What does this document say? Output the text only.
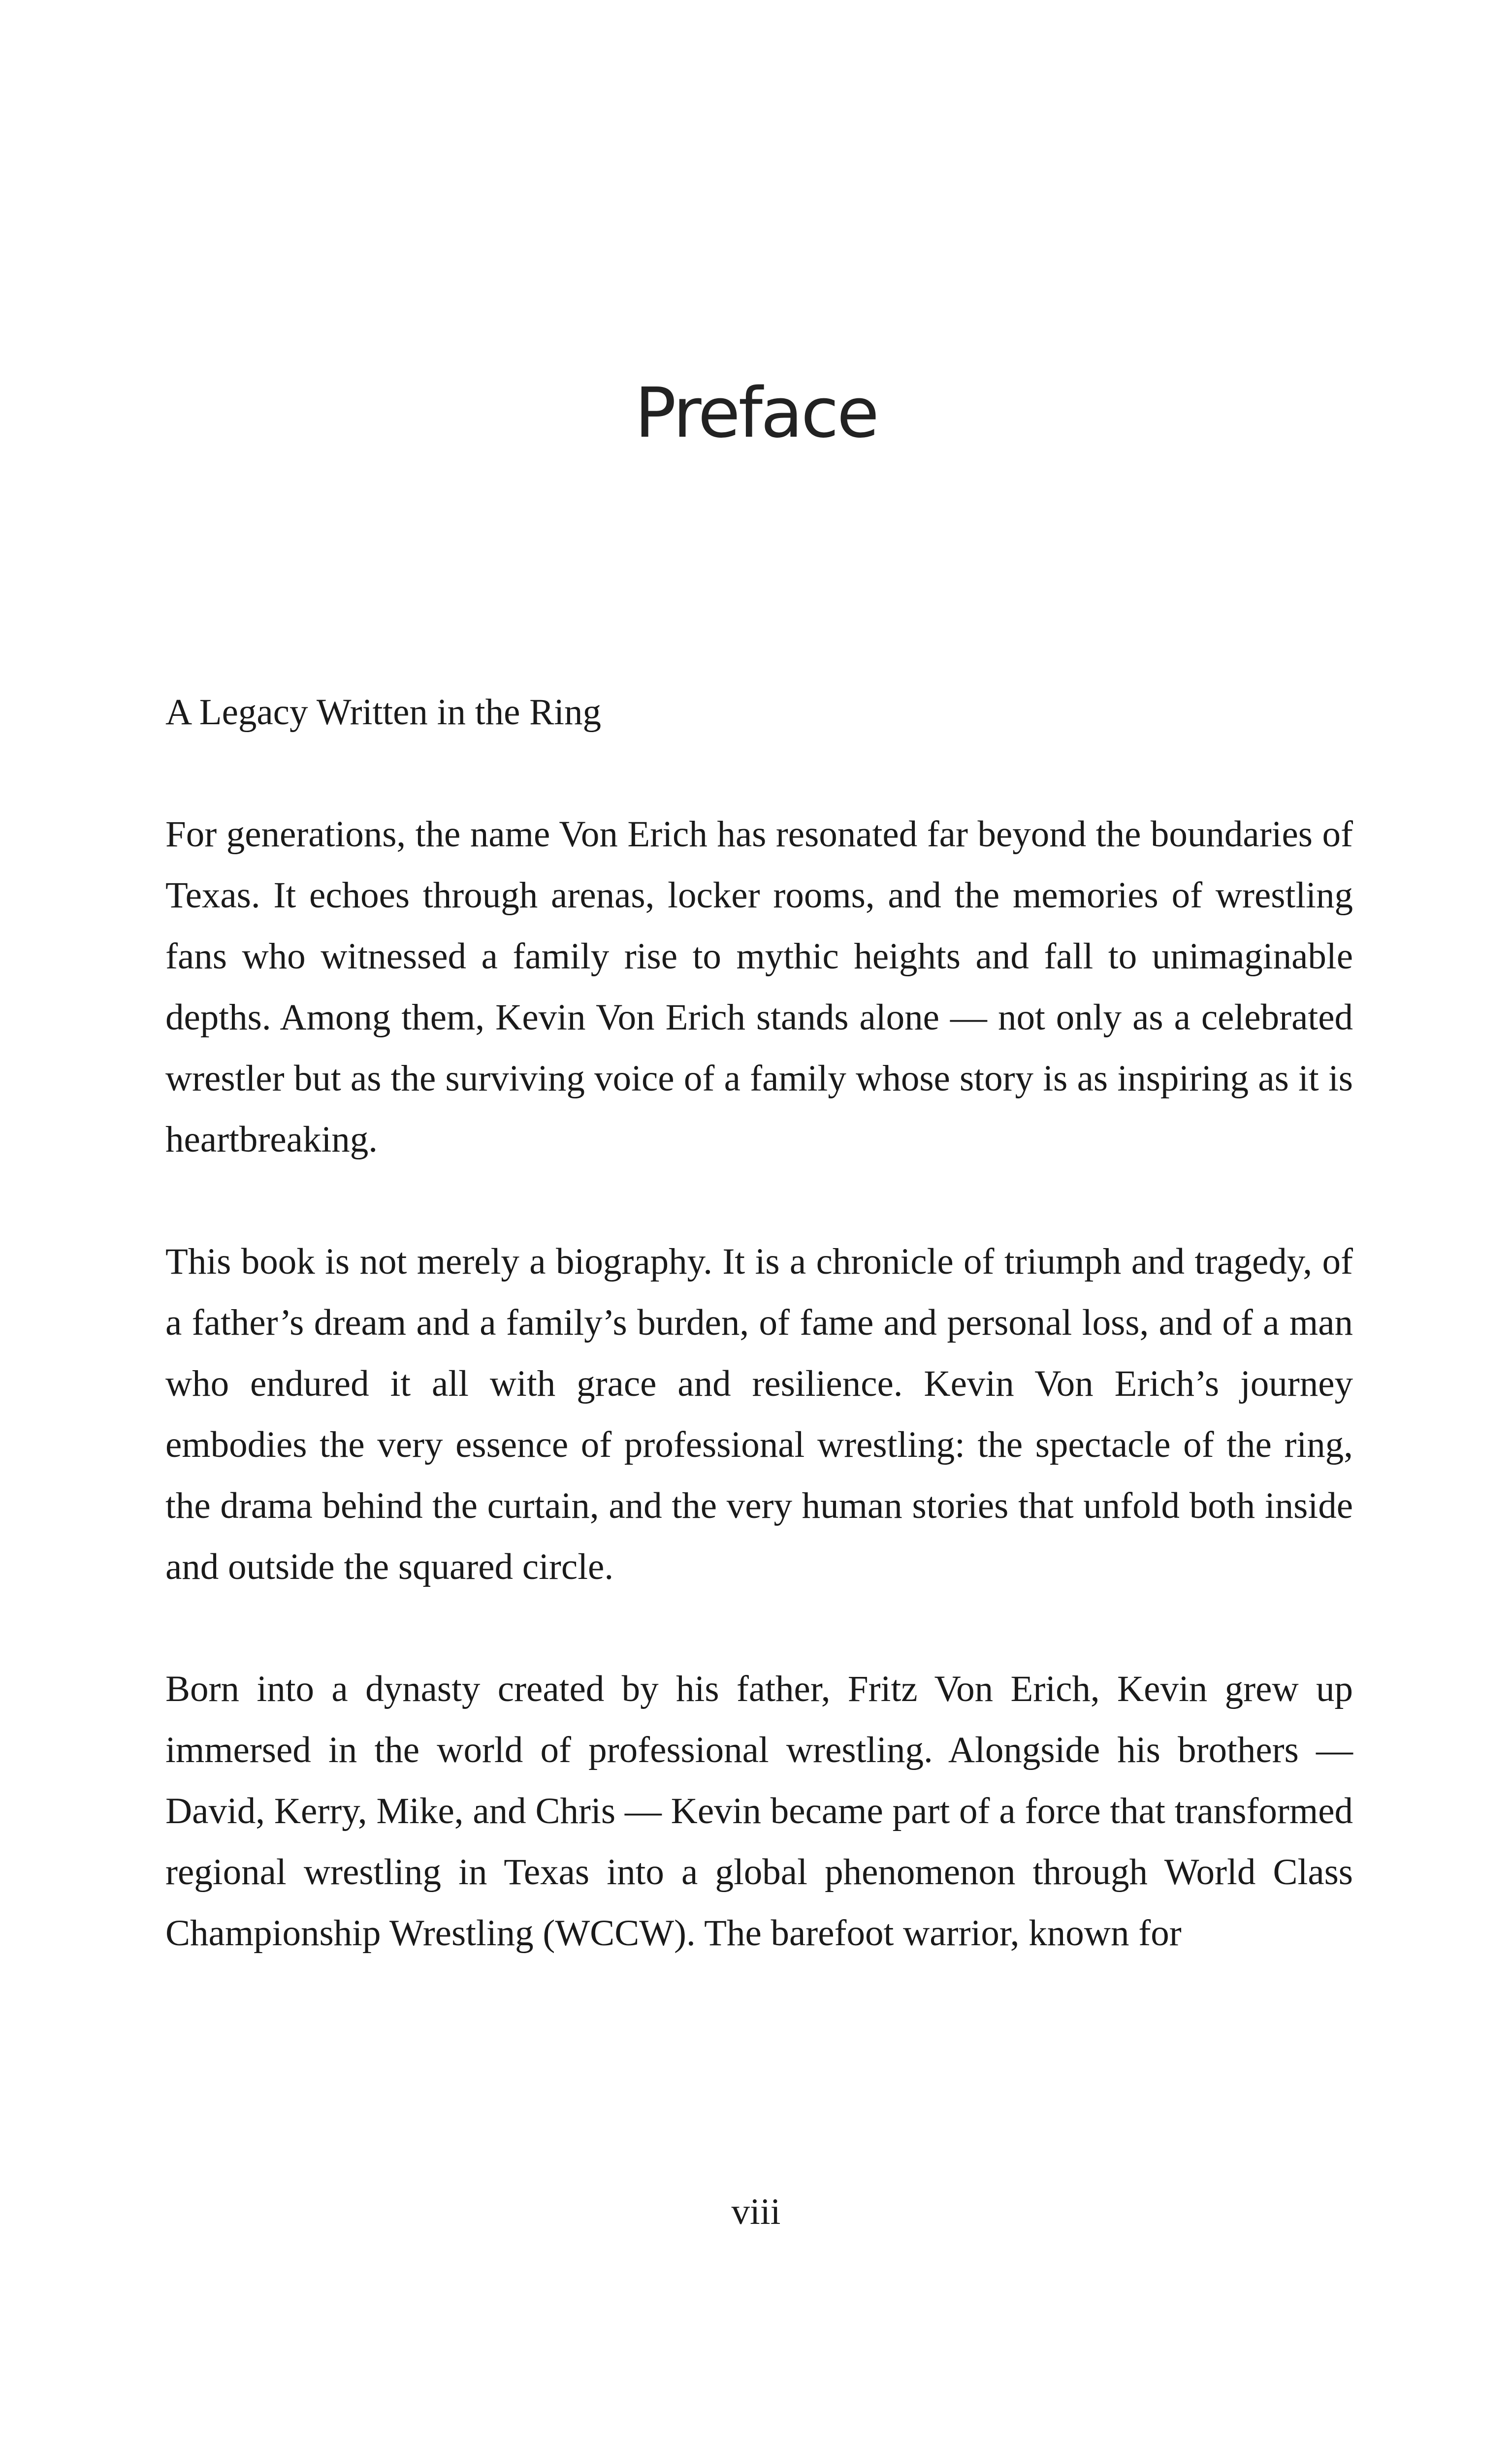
Preface

A Legacy Written in the Ring

For generations, the name Von Erich has resonated far beyond the boundaries of Texas. It echoes through arenas, locker rooms, and the memories of wrestling fans who witnessed a family rise to mythic heights and fall to unimaginable depths. Among them, Kevin Von Erich stands alone — not only as a celebrated wrestler but as the surviving voice of a family whose story is as inspiring as it is heartbreaking.

This book is not merely a biography. It is a chronicle of triumph and tragedy, of a father’s dream and a family’s burden, of fame and personal loss, and of a man who endured it all with grace and resilience. Kevin Von Erich’s journey embodies the very essence of professional wrestling: the spectacle of the ring, the drama behind the curtain, and the very human stories that unfold both inside and outside the squared circle.

Born into a dynasty created by his father, Fritz Von Erich, Kevin grew up immersed in the world of professional wrestling. Alongside his brothers — David, Kerry, Mike, and Chris — Kevin became part of a force that transformed regional wrestling in Texas into a global phenomenon through World Class Championship Wrestling (WCCW). The barefoot warrior, known for

viii
